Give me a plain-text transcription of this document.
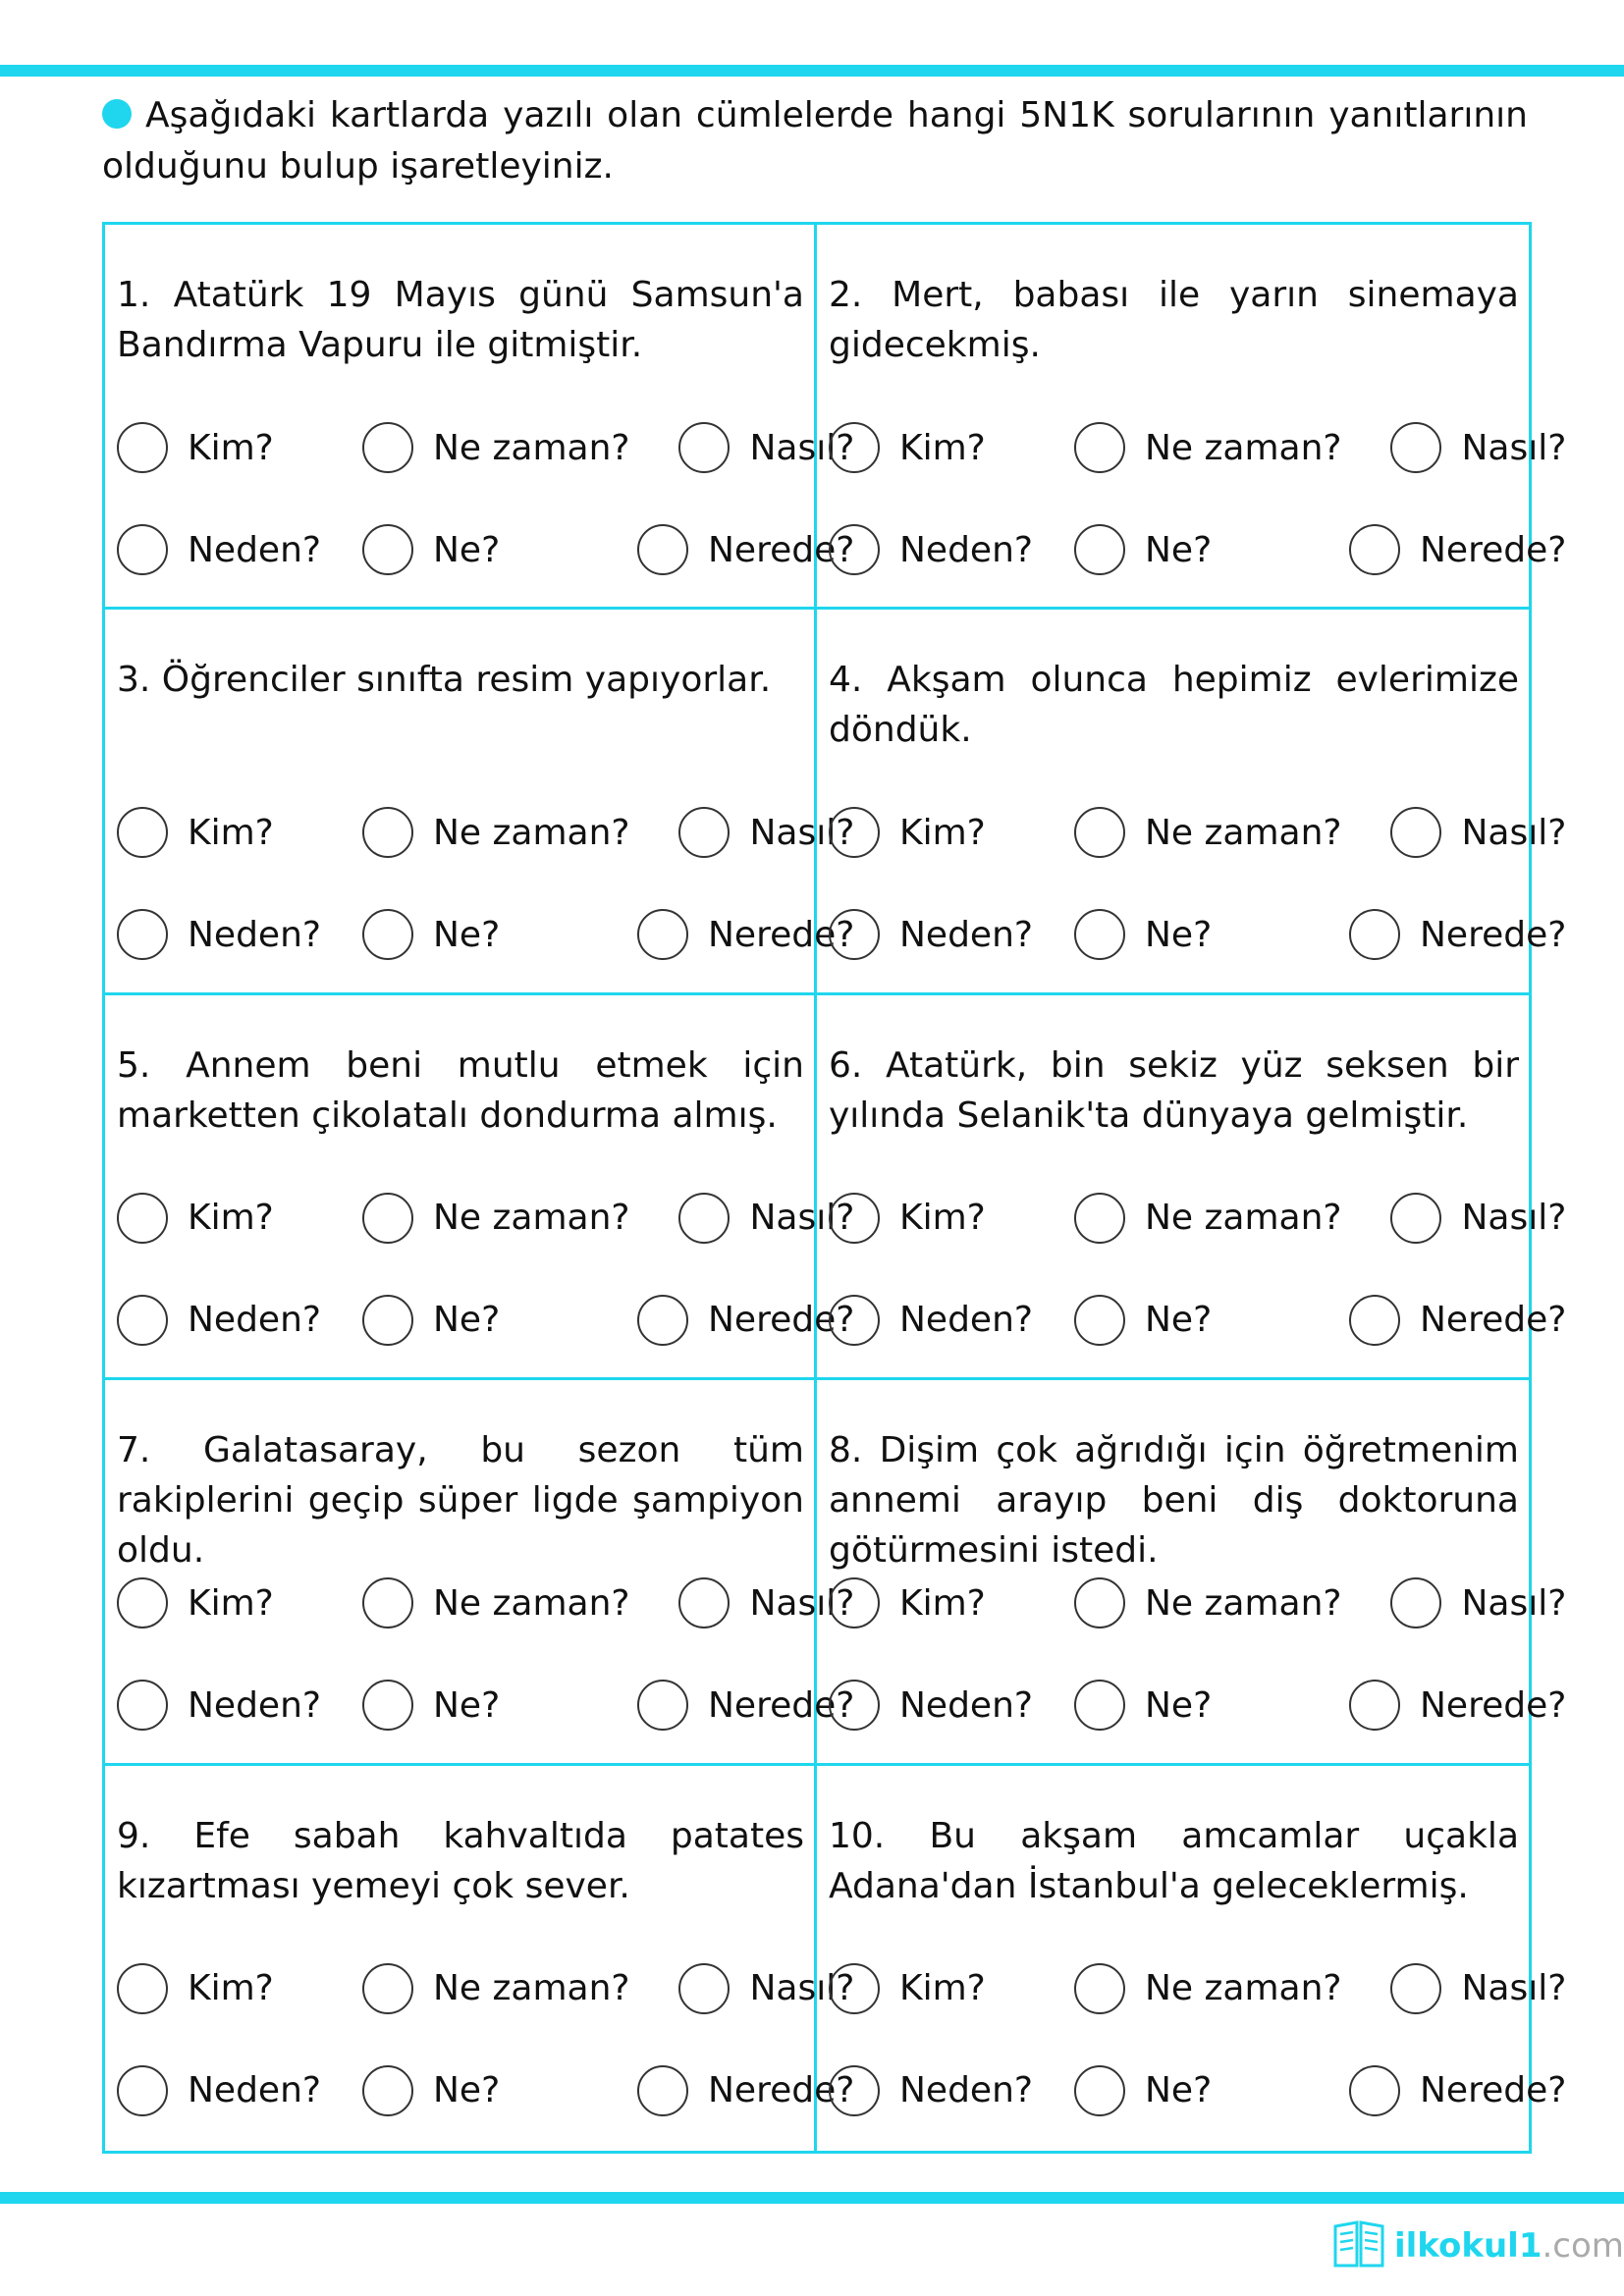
Aşağıdaki kartlarda yazılı olan cümlelerde hangi 5N1K sorularının yanıtlarının olduğunu bulup işaretleyiniz.

1. Atatürk 19 Mayıs günü Samsun'a Bandırma Vapuru ile gitmiştir.

Kim?	Ne zaman?	Nasıl?
Neden?	Ne?	Nerede?

2. Mert, babası ile yarın sinemaya gidecekmiş.

Kim?	Ne zaman?	Nasıl?
Neden?	Ne?	Nerede?

3. Öğrenciler sınıfta resim yapıyorlar.

Kim?	Ne zaman?	Nasıl?
Neden?	Ne?	Nerede?

4. Akşam olunca hepimiz evlerimize döndük.

Kim?	Ne zaman?	Nasıl?
Neden?	Ne?	Nerede?

5. Annem beni mutlu etmek için marketten çikolatalı dondurma almış.

Kim?	Ne zaman?	Nasıl?
Neden?	Ne?	Nerede?

6. Atatürk, bin sekiz yüz seksen bir yılında Selanik'ta dünyaya gelmiştir.

Kim?	Ne zaman?	Nasıl?
Neden?	Ne?	Nerede?

7. Galatasaray, bu sezon tüm rakiplerini geçip süper ligde şampiyon oldu.

Kim?	Ne zaman?	Nasıl?
Neden?	Ne?	Nerede?

8. Dişim çok ağrıdığı için öğretmenim annemi arayıp beni diş doktoruna götürmesini istedi.

Kim?	Ne zaman?	Nasıl?
Neden?	Ne?	Nerede?

9. Efe sabah kahvaltıda patates kızartması yemeyi çok sever.

Kim?	Ne zaman?	Nasıl?
Neden?	Ne?	Nerede?

10. Bu akşam amcamlar uçakla Adana'dan İstanbul'a geleceklermiş.

Kim?	Ne zaman?	Nasıl?
Neden?	Ne?	Nerede?
ilkokul1.com
